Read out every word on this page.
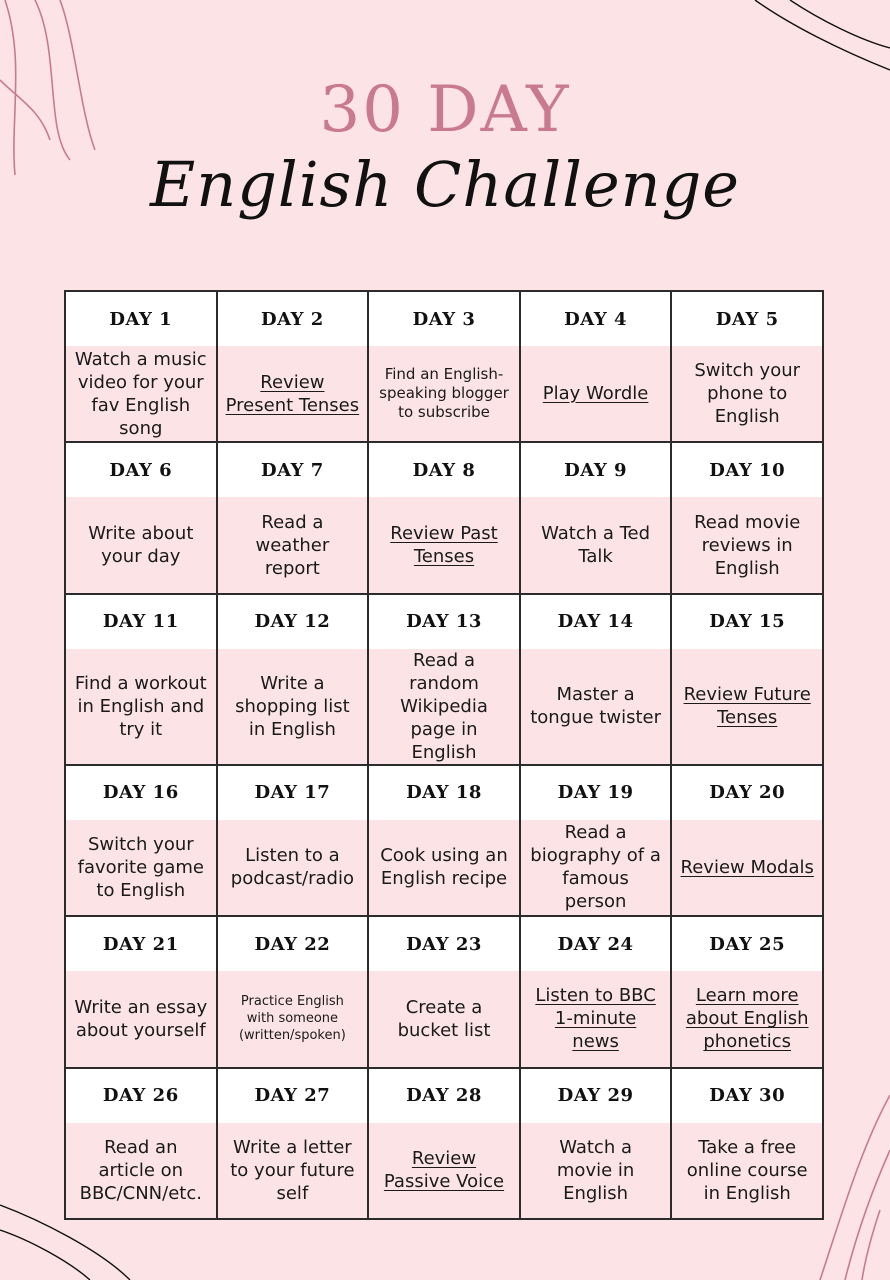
30 DAY
English Challenge
DAY 1
Watch a music video for your fav English song
DAY 2
Review Present Tenses
DAY 3
Find an English-speaking blogger to subscribe
DAY 4
Play Wordle
DAY 5
Switch your phone to English
DAY 6
Write about your day
DAY 7
Read a weather report
DAY 8
Review Past Tenses
DAY 9
Watch a Ted Talk
DAY 10
Read movie reviews in English
DAY 11
Find a workout in English and try it
DAY 12
Write a shopping list in English
DAY 13
Read a random Wikipedia page in English
DAY 14
Master a tongue twister
DAY 15
Review Future Tenses
DAY 16
Switch your favorite game to English
DAY 17
Listen to a podcast/radio
DAY 18
Cook using an English recipe
DAY 19
Read a biography of a famous person
DAY 20
Review Modals
DAY 21
Write an essay about yourself
DAY 22
Practice English with someone (written/spoken)
DAY 23
Create a bucket list
DAY 24
Listen to BBC 1-minute news
DAY 25
Learn more about English phonetics
DAY 26
Read an article on BBC/CNN/etc.
DAY 27
Write a letter to your future self
DAY 28
Review Passive Voice
DAY 29
Watch a movie in English
DAY 30
Take a free online course in English
